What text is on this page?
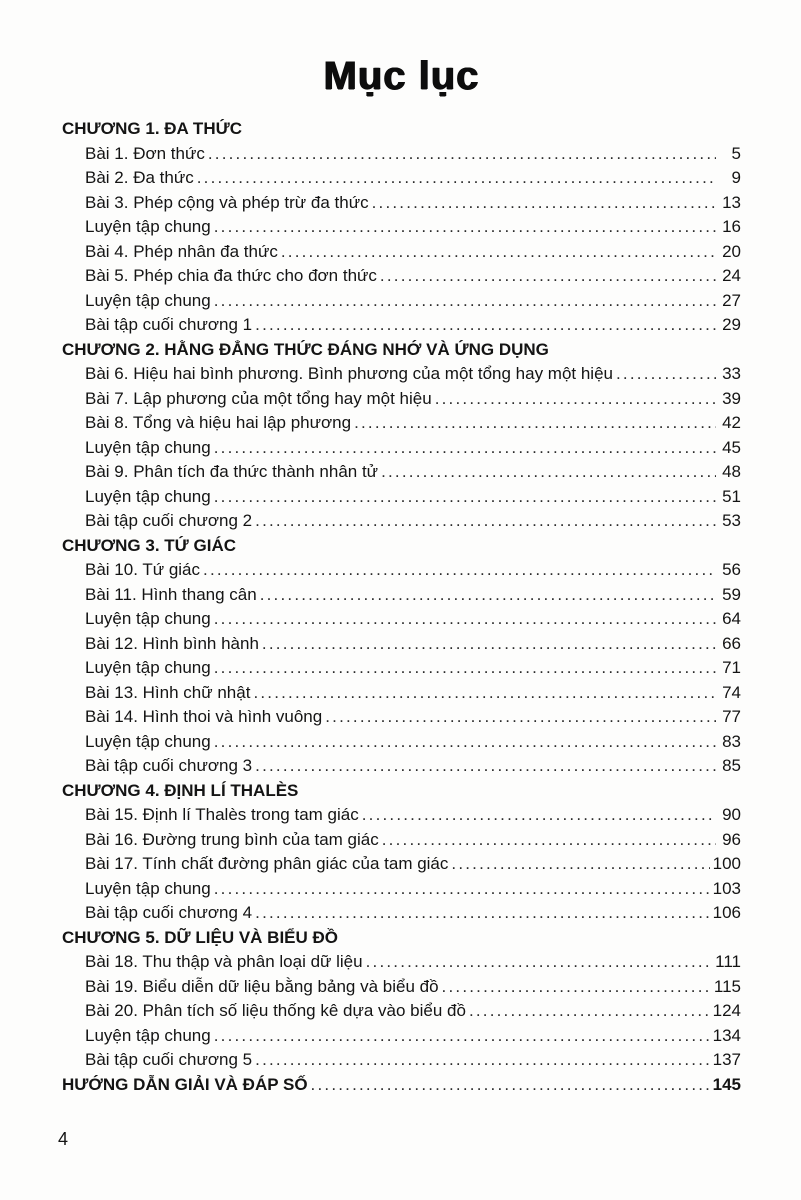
Mục lục
CHƯƠNG 1. ĐA THỨC
Bài 1. Đơn thức .....	5
Bài 2. Đa thức .....	9
Bài 3. Phép cộng và phép trừ đa thức .....	13
Luyện tập chung .....	16
Bài 4. Phép nhân đa thức .....	20
Bài 5. Phép chia đa thức cho đơn thức .....	24
Luyện tập chung .....	27
Bài tập cuối chương 1 .....	29
CHƯƠNG 2. HẰNG ĐẲNG THỨC ĐÁNG NHỚ VÀ ỨNG DỤNG
Bài 6. Hiệu hai bình phương. Bình phương của một tổng hay một hiệu .....	33
Bài 7. Lập phương của một tổng hay một hiệu .....	39
Bài 8. Tổng và hiệu hai lập phương .....	42
Luyện tập chung .....	45
Bài 9. Phân tích đa thức thành nhân tử .....	48
Luyện tập chung .....	51
Bài tập cuối chương 2 .....	53
CHƯƠNG 3. TỨ GIÁC
Bài 10. Tứ giác .....	56
Bài 11. Hình thang cân .....	59
Luyện tập chung .....	64
Bài 12. Hình bình hành .....	66
Luyện tập chung .....	71
Bài 13. Hình chữ nhật .....	74
Bài 14. Hình thoi và hình vuông .....	77
Luyện tập chung .....	83
Bài tập cuối chương 3 .....	85
CHƯƠNG 4. ĐỊNH LÍ THALÈS
Bài 15. Định lí Thalès trong tam giác .....	90
Bài 16. Đường trung bình của tam giác .....	96
Bài 17. Tính chất đường phân giác của tam giác .....	100
Luyện tập chung .....	103
Bài tập cuối chương 4 .....	106
CHƯƠNG 5. DỮ LIỆU VÀ BIỂU ĐỒ
Bài 18. Thu thập và phân loại dữ liệu .....	111
Bài 19. Biểu diễn dữ liệu bằng bảng và biểu đồ .....	115
Bài 20. Phân tích số liệu thống kê dựa vào biểu đồ .....	124
Luyện tập chung .....	134
Bài tập cuối chương 5 .....	137
HƯỚNG DẪN GIẢI VÀ ĐÁP SỐ .....	145
4
